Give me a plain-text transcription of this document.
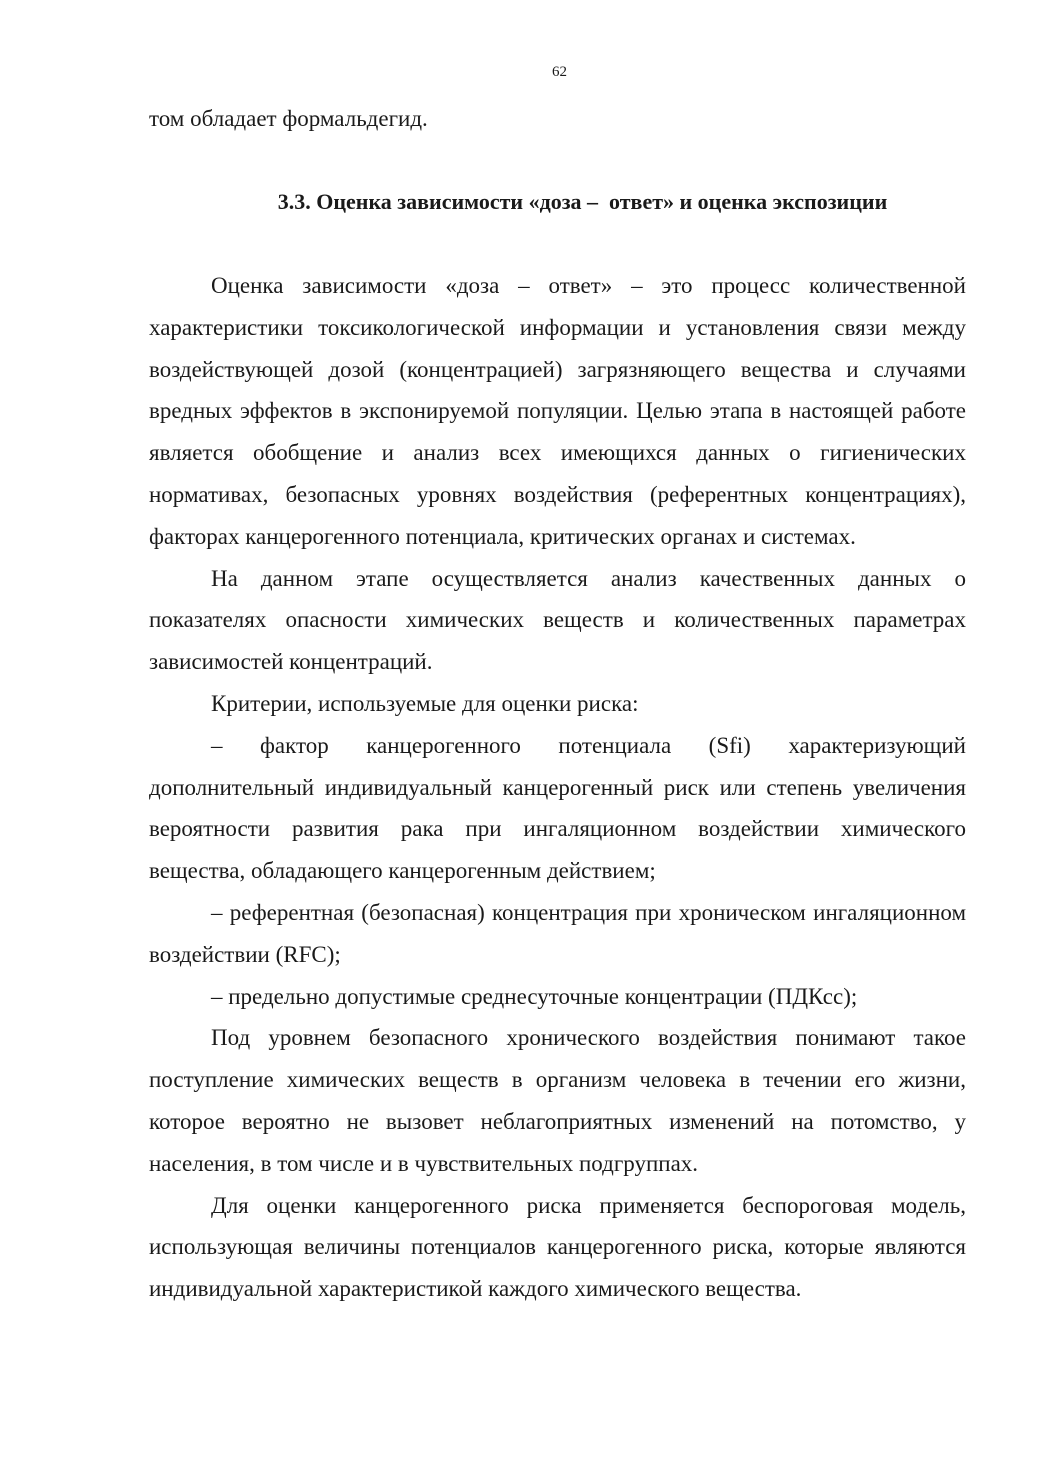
62
том обладает формальдегид.
3.3. Оценка зависимости «доза –  ответ» и оценка экспозиции

Оценка зависимости «доза – ответ» – это процесс количественной характеристики токсикологической информации и установления связи между воздействующей дозой (концентрацией) загрязняющего вещества и случаями вредных эффектов в экспонируемой популяции. Целью этапа в настоящей работе является обобщение и анализ всех имеющихся данных о гигиенических нормативах, безопасных уровнях воздействия (референтных концентрациях), факторах канцерогенного потенциала, критических органах и системах.

На данном этапе осуществляется анализ качественных данных о показателях опасности химических веществ и количественных параметрах зависимостей концентраций.

Критерии, используемые для оценки риска:

– фактор канцерогенного потенциала (Sfi) характеризующий дополнительный индивидуальный канцерогенный риск или степень увеличения вероятности развития рака при ингаляционном воздействии химического вещества, обладающего канцерогенным действием;

– референтная (безопасная) концентрация при хроническом ингаляционном воздействии (RFC);

– предельно допустимые среднесуточные концентрации (ПДКсс);

Под уровнем безопасного хронического воздействия понимают такое поступление химических веществ в организм человека в течении его жизни, которое вероятно не вызовет неблагоприятных изменений на потомство, у населения, в том числе и в чувствительных подгруппах.

Для оценки канцерогенного риска применяется беспороговая модель, использующая величины потенциалов канцерогенного риска, которые являются индивидуальной характеристикой каждого химического вещества.
